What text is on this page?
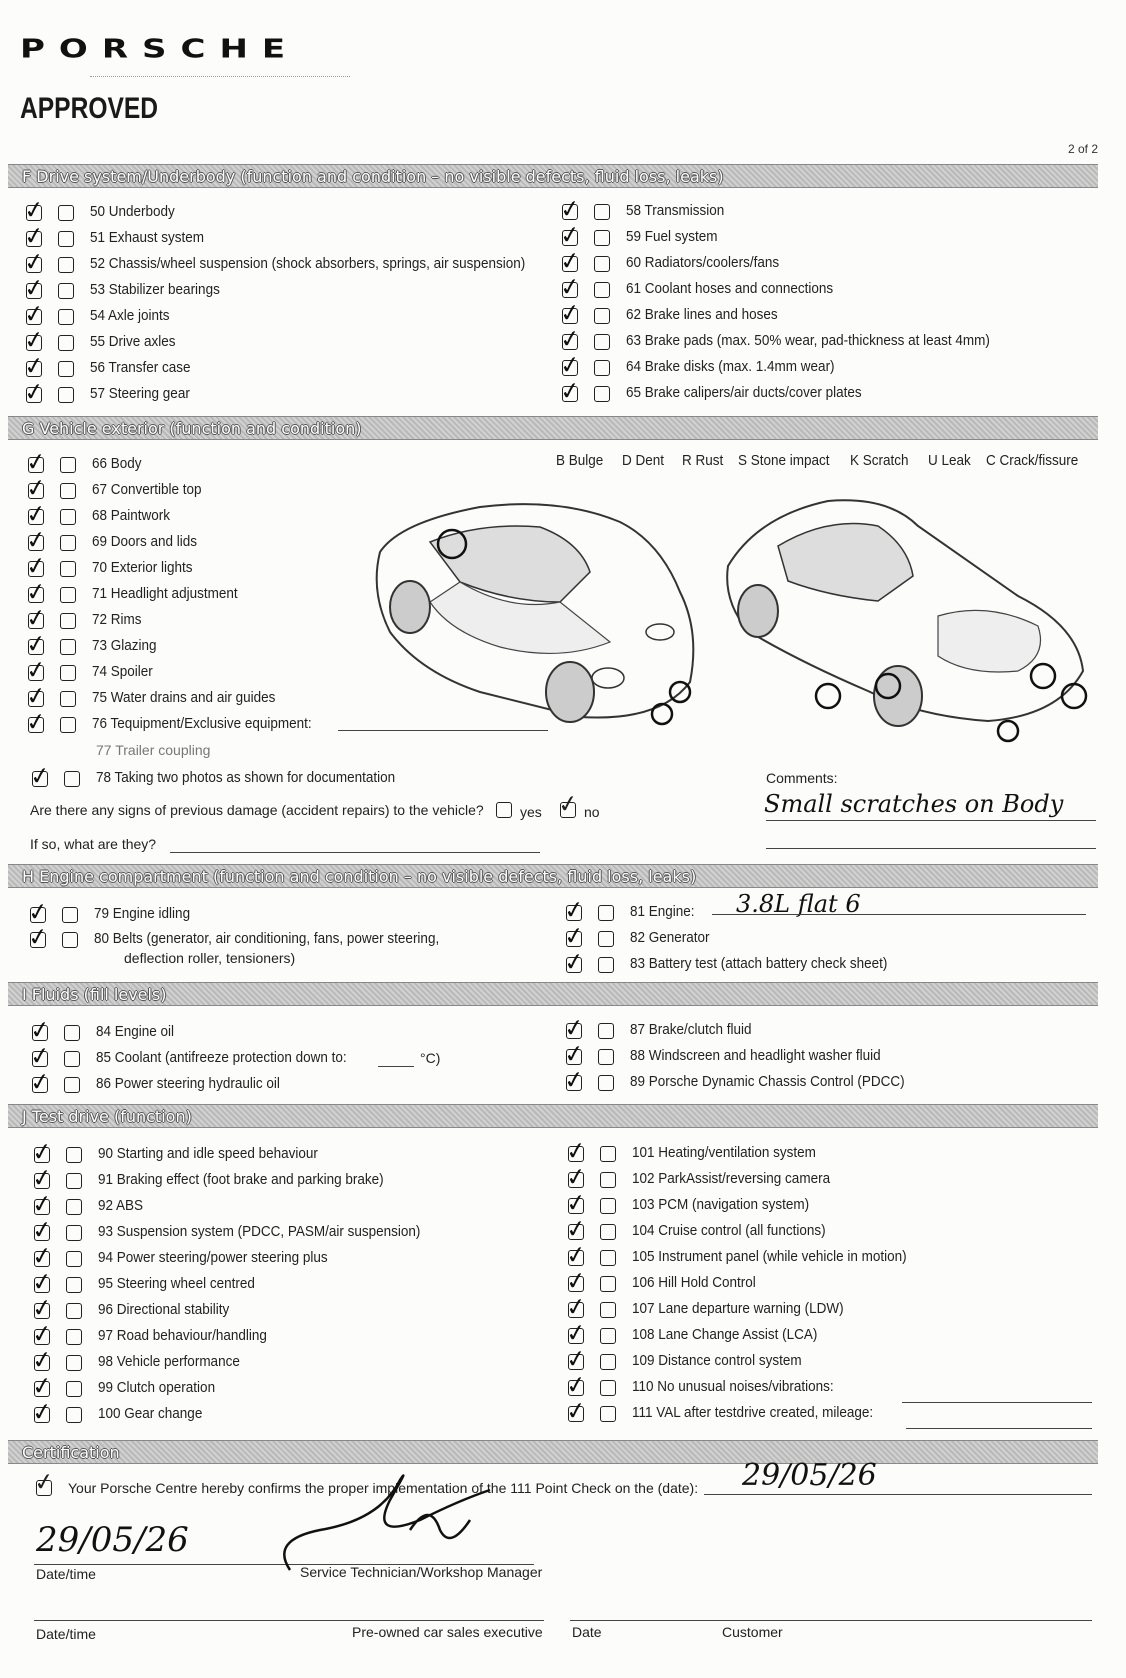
PORSCHE
APPROVED
2 of 2
F Drive system/Underbody (function and condition – no visible defects, fluid loss, leaks)
✓	50 Underbody
✓	51 Exhaust system
✓	52 Chassis/wheel suspension (shock absorbers, springs, air suspension)
✓	53 Stabilizer bearings
✓	54 Axle joints
✓	55 Drive axles
✓	56 Transfer case
✓	57 Steering gear
✓	58 Transmission
✓	59 Fuel system
✓	60 Radiators/coolers/fans
✓	61 Coolant hoses and connections
✓	62 Brake lines and hoses
✓	63 Brake pads (max. 50% wear, pad-thickness at least 4mm)
✓	64 Brake disks (max. 1.4mm wear)
✓	65 Brake calipers/air ducts/cover plates
G Vehicle exterior (function and condition)
✓	66 Body
✓	67 Convertible top
✓	68 Paintwork
✓	69 Doors and lids
✓	70 Exterior lights
✓	71 Headlight adjustment
✓	72 Rims
✓	73 Glazing
✓	74 Spoiler
✓	75 Water drains and air guides
✓	76 Tequipment/Exclusive equipment:
77 Trailer coupling
✓	78 Taking two photos as shown for documentation
B Bulge D Dent R Rust S Stone impact K Scratch U Leak C Crack/fissure
Are there any signs of previous damage (accident repairs) to the vehicle?	yes ✓ no
If so, what are they?
Comments:
Small scratches on Body
H Engine compartment (function and condition – no visible defects, fluid loss, leaks)
✓	79 Engine idling
✓	80 Belts (generator, air conditioning, fans, power steering,
✓	81 Engine:
✓	82 Generator
✓	83 Battery test (attach battery check sheet)
deflection roller, tensioners)
3.8L flat 6
I Fluids (fill levels)
✓	84 Engine oil
✓	85 Coolant (antifreeze protection down to:
✓	86 Power steering hydraulic oil
✓	87 Brake/clutch fluid
✓	88 Windscreen and headlight washer fluid
✓	89 Porsche Dynamic Chassis Control (PDCC)
°C)
J Test drive (function)
✓	90 Starting and idle speed behaviour
✓	91 Braking effect (foot brake and parking brake)
✓	92 ABS
✓	93 Suspension system (PDCC, PASM/air suspension)
✓	94 Power steering/power steering plus
✓	95 Steering wheel centred
✓	96 Directional stability
✓	97 Road behaviour/handling
✓	98 Vehicle performance
✓	99 Clutch operation
✓	100 Gear change
✓	101 Heating/ventilation system
✓	102 ParkAssist/reversing camera
✓	103 PCM (navigation system)
✓	104 Cruise control (all functions)
✓	105 Instrument panel (while vehicle in motion)
✓	106 Hill Hold Control
✓	107 Lane departure warning (LDW)
✓	108 Lane Change Assist (LCA)
✓	109 Distance control system
✓	110 No unusual noises/vibrations:
✓	111 VAL after testdrive created, mileage:
Certification
✓ Your Porsche Centre hereby confirms the proper implementation of the 111 Point Check on the (date): 29/05/26
29/05/26
Date/time	Service Technician/Workshop Manager
Date/time	Pre-owned car sales executive Date	Customer
